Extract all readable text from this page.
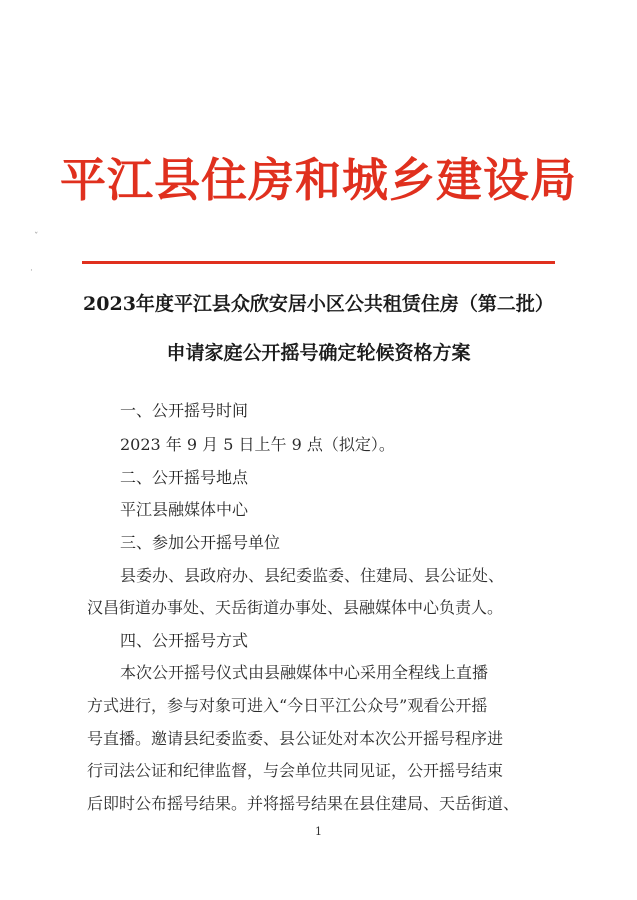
平江县住房和城乡建设局
2023年度平江县众欣安居小区公共租赁住房（第二批）
申请家庭公开摇号确定轮候资格方案
一、公开摇号时间
2023 年 9 月 5 日上午 9 点（拟定）。
二、公开摇号地点
平江县融媒体中心
三、参加公开摇号单位
县委办、县政府办、县纪委监委、住建局、县公证处、
汉昌街道办事处、天岳街道办事处、县融媒体中心负责人。
四、公开摇号方式
本次公开摇号仪式由县融媒体中心采用全程线上直播
方式进行，参与对象可进入“今日平江公众号”观看公开摇
号直播。邀请县纪委监委、县公证处对本次公开摇号程序进
行司法公证和纪律监督，与会单位共同见证，公开摇号结束
后即时公布摇号结果。并将摇号结果在县住建局、天岳街道、
1
ˇ
·
